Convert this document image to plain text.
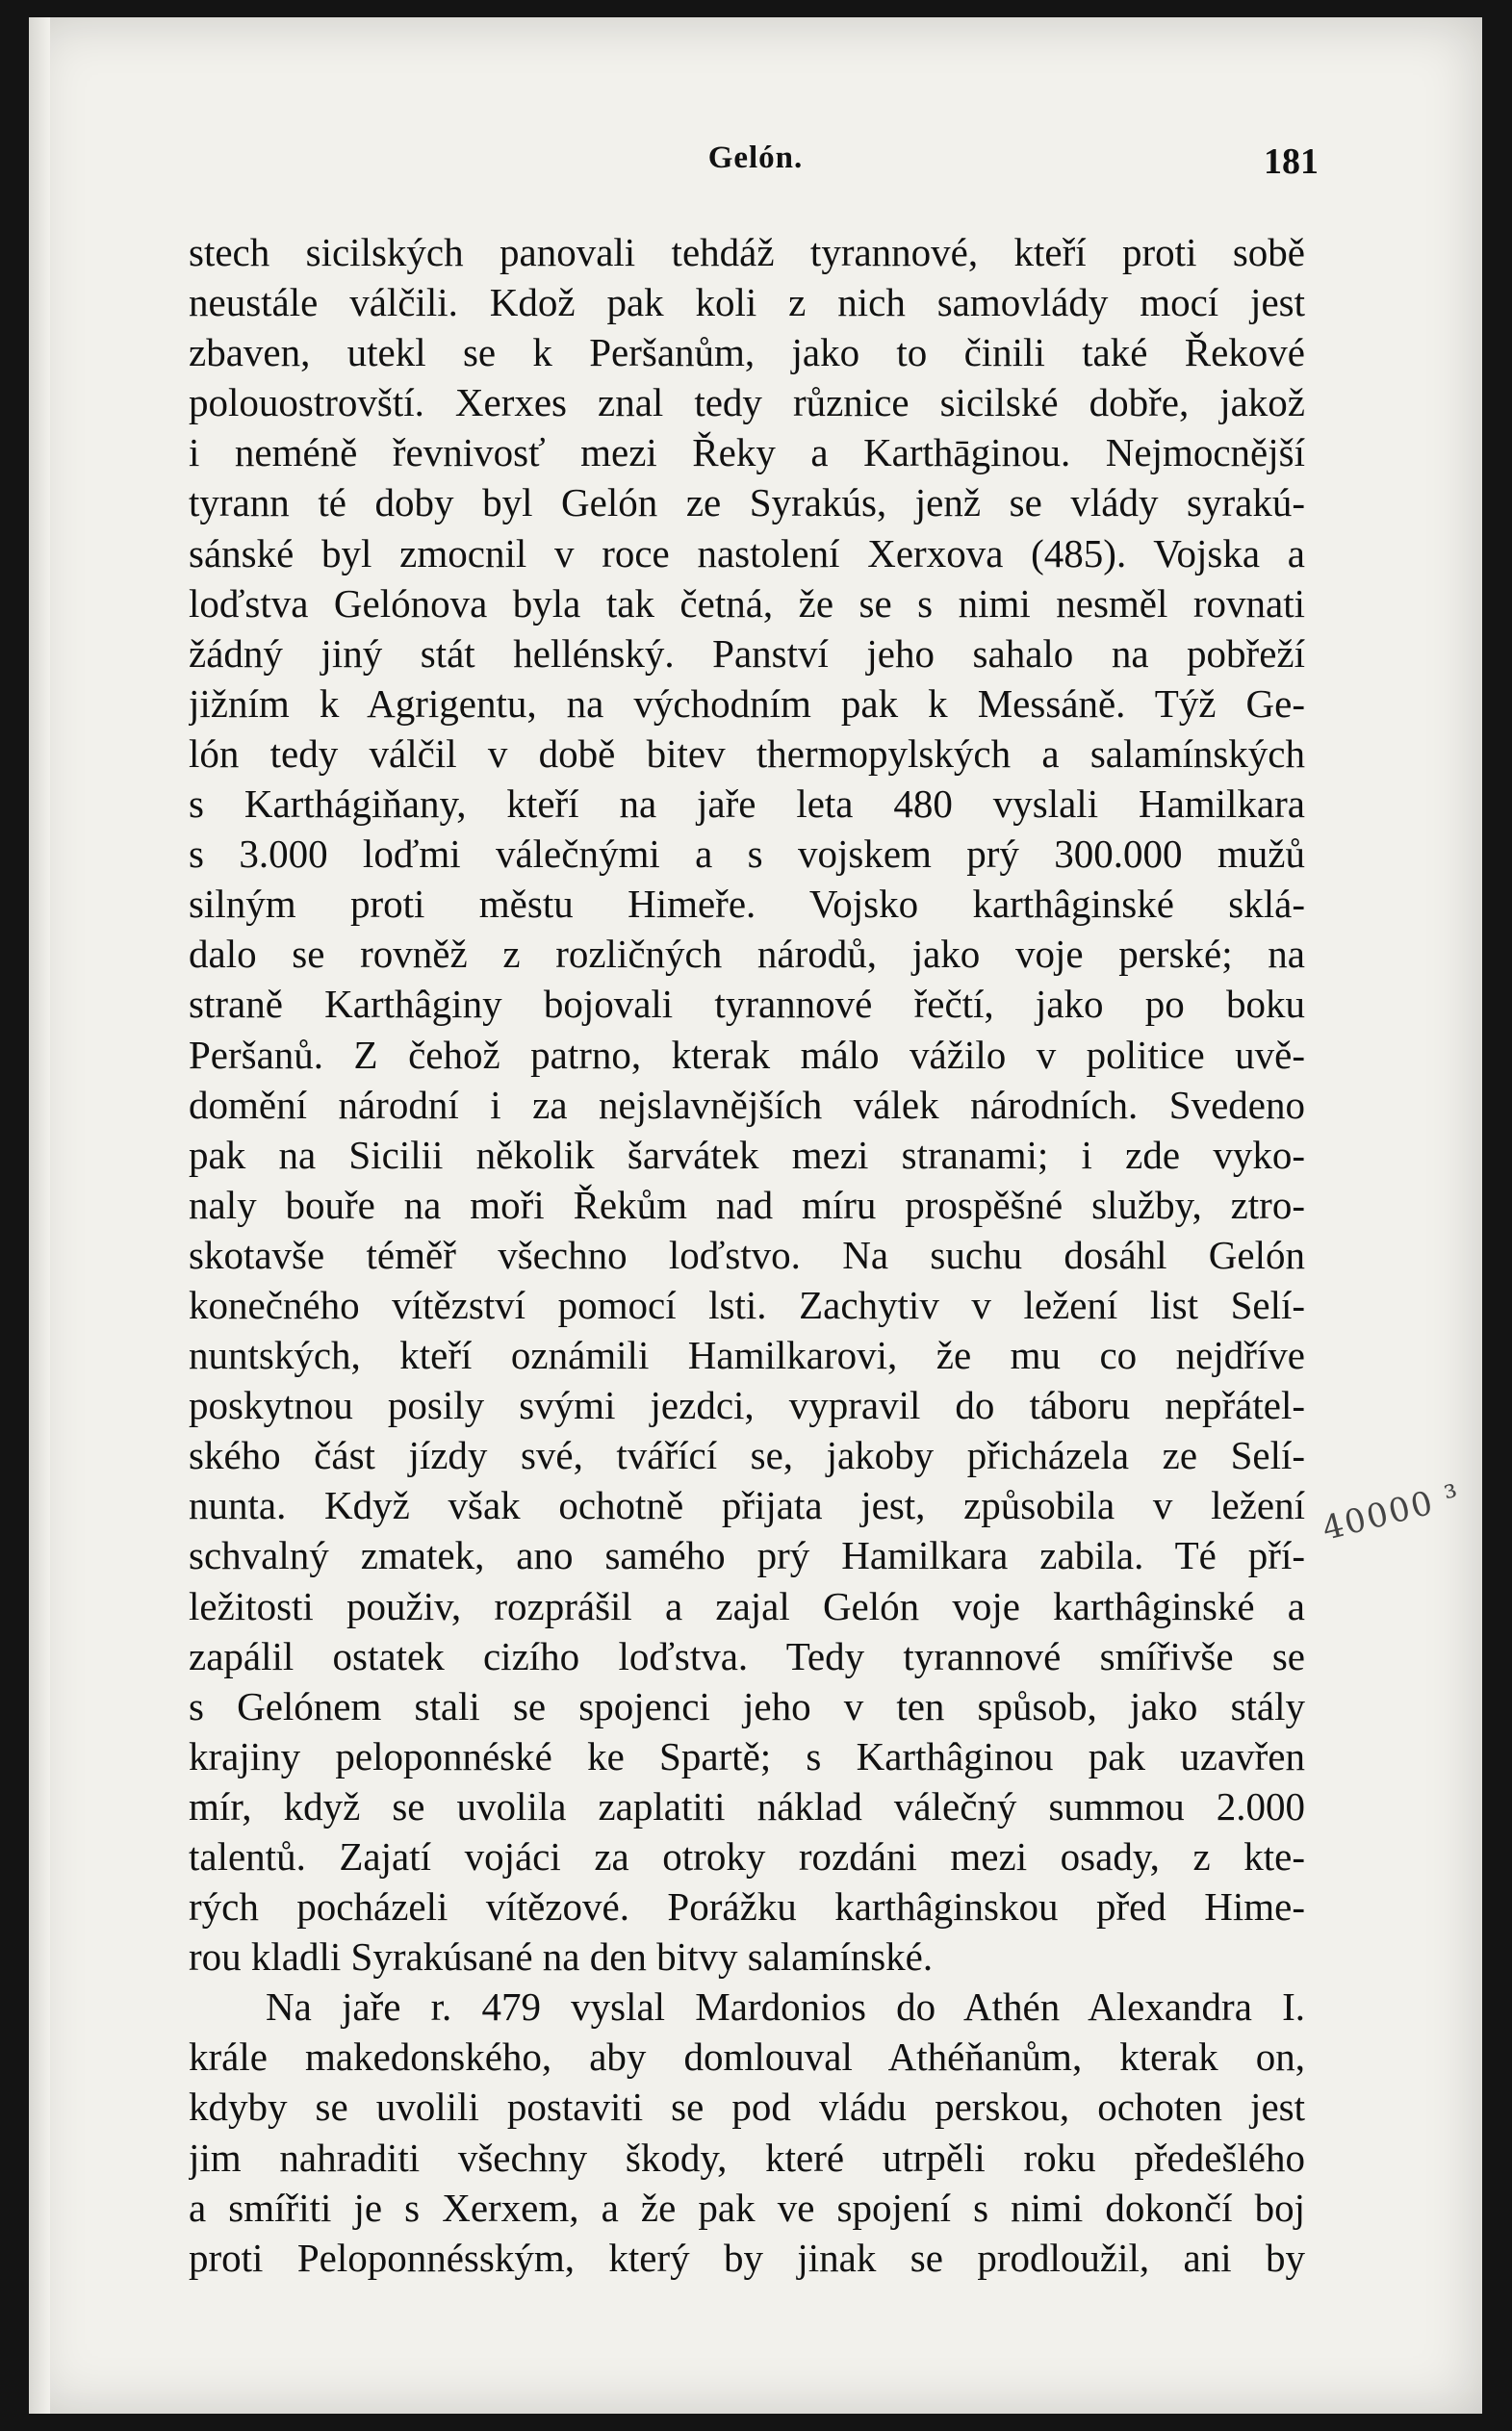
Gelón.	181
stech sicilských panovali tehdáž tyrannové, kteří proti sobě
neustále válčili. Kdož pak koli z nich samovlády mocí jest
zbaven, utekl se k Peršanům, jako to činili také Řekové
polouostrovští. Xerxes znal tedy různice sicilské dobře, jakož
i neméně řevnivosť mezi Řeky a Karthāginou. Nejmocnější
tyrann té doby byl Gelón ze Syrakús, jenž se vlády syrakú-
sánské byl zmocnil v roce nastolení Xerxova (485). Vojska a
loďstva Gelónova byla tak četná, že se s nimi nesměl rovnati
žádný jiný stát hellénský. Panství jeho sahalo na pobřeží
jižním k Agrigentu, na východním pak k Messáně. Týž Ge-
lón tedy válčil v době bitev thermopylských a salamínských
s Karthágiňany, kteří na jaře leta 480 vyslali Hamilkara
s 3.000 loďmi válečnými a s vojskem prý 300.000 mužů
silným proti městu Himeře. Vojsko karthâginské sklá-
dalo se rovněž z rozličných národů, jako voje perské; na
straně Karthâginy bojovali tyrannové řečtí, jako po boku
Peršanů. Z čehož patrno, kterak málo vážilo v politice uvě-
domění národní i za nejslavnějších válek národních. Svedeno
pak na Sicilii několik šarvátek mezi stranami; i zde vyko-
naly bouře na moři Řekům nad míru prospěšné služby, ztro-
skotavše téměř všechno loďstvo. Na suchu dosáhl Gelón
konečného vítězství pomocí lsti. Zachytiv v ležení list Selí-
nuntských, kteří oznámili Hamilkarovi, že mu co nejdříve
poskytnou posily svými jezdci, vypravil do táboru nepřátel-
ského část jízdy své, tvářící se, jakoby přicházela ze Selí-
nunta. Když však ochotně přijata jest, způsobila v ležení
schvalný zmatek, ano samého prý Hamilkara zabila. Té pří-
ležitosti použiv, rozprášil a zajal Gelón voje karthâginské a
zapálil ostatek cizího loďstva. Tedy tyrannové smířivše se
s Gelónem stali se spojenci jeho v ten spůsob, jako stály
krajiny peloponnéské ke Spartě; s Karthâginou pak uzavřen
mír, když se uvolila zaplatiti náklad válečný summou 2.000
talentů. Zajatí vojáci za otroky rozdáni mezi osady, z kte-
rých pocházeli vítězové. Porážku karthâginskou před Hime-
rou kladli Syrakúsané na den bitvy salamínské.
Na jaře r. 479 vyslal Mardonios do Athén Alexandra I.
krále makedonského, aby domlouval Athéňanům, kterak on,
kdyby se uvolili postaviti se pod vládu perskou, ochoten jest
jim nahraditi všechny škody, které utrpěli roku předešlého
a smířiti je s Xerxem, a že pak ve spojení s nimi dokončí boj
proti Peloponnésským, který by jinak se prodloužil, ani by
40000 ³
